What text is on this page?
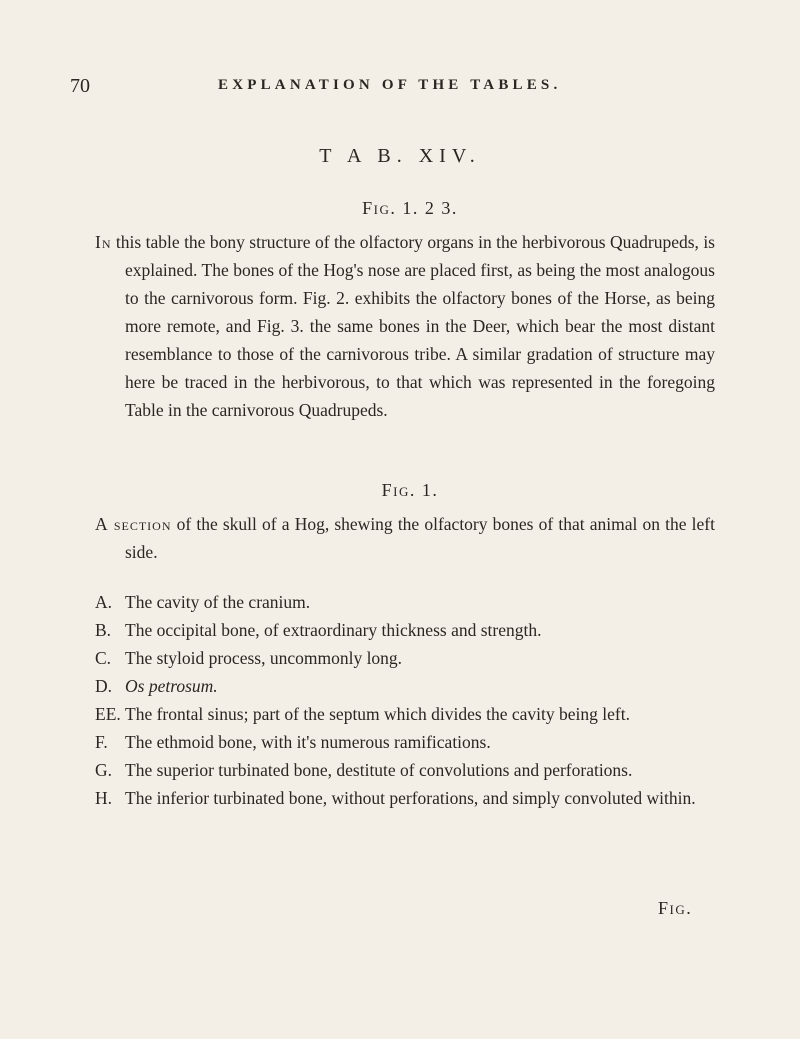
70	EXPLANATION OF THE TABLES.
T A B. XIV.
Fig. 1. 2 3.

In this table the bony structure of the olfactory organs in the herbivorous Quadrupeds, is explained. The bones of the Hog's nose are placed first, as being the most analogous to the carnivorous form. Fig. 2. exhibits the olfactory bones of the Horse, as being more remote, and Fig. 3. the same bones in the Deer, which bear the most distant resemblance to those of the carnivorous tribe. A similar gradation of structure may here be traced in the herbivorous, to that which was represented in the foregoing Table in the carnivorous Quadrupeds.

Fig. 1.

A section of the skull of a Hog, shewing the olfactory bones of that animal on the left side.

A. The cavity of the cranium.
B. The occipital bone, of extraordinary thickness and strength.
C. The styloid process, uncommonly long.
D. Os petrosum.
EE. The frontal sinus; part of the septum which divides the cavity being left.
F. The ethmoid bone, with it's numerous ramifications.
G. The superior turbinated bone, destitute of convolutions and perforations.
H. The inferior turbinated bone, without perforations, and simply convoluted within.
Fig.
